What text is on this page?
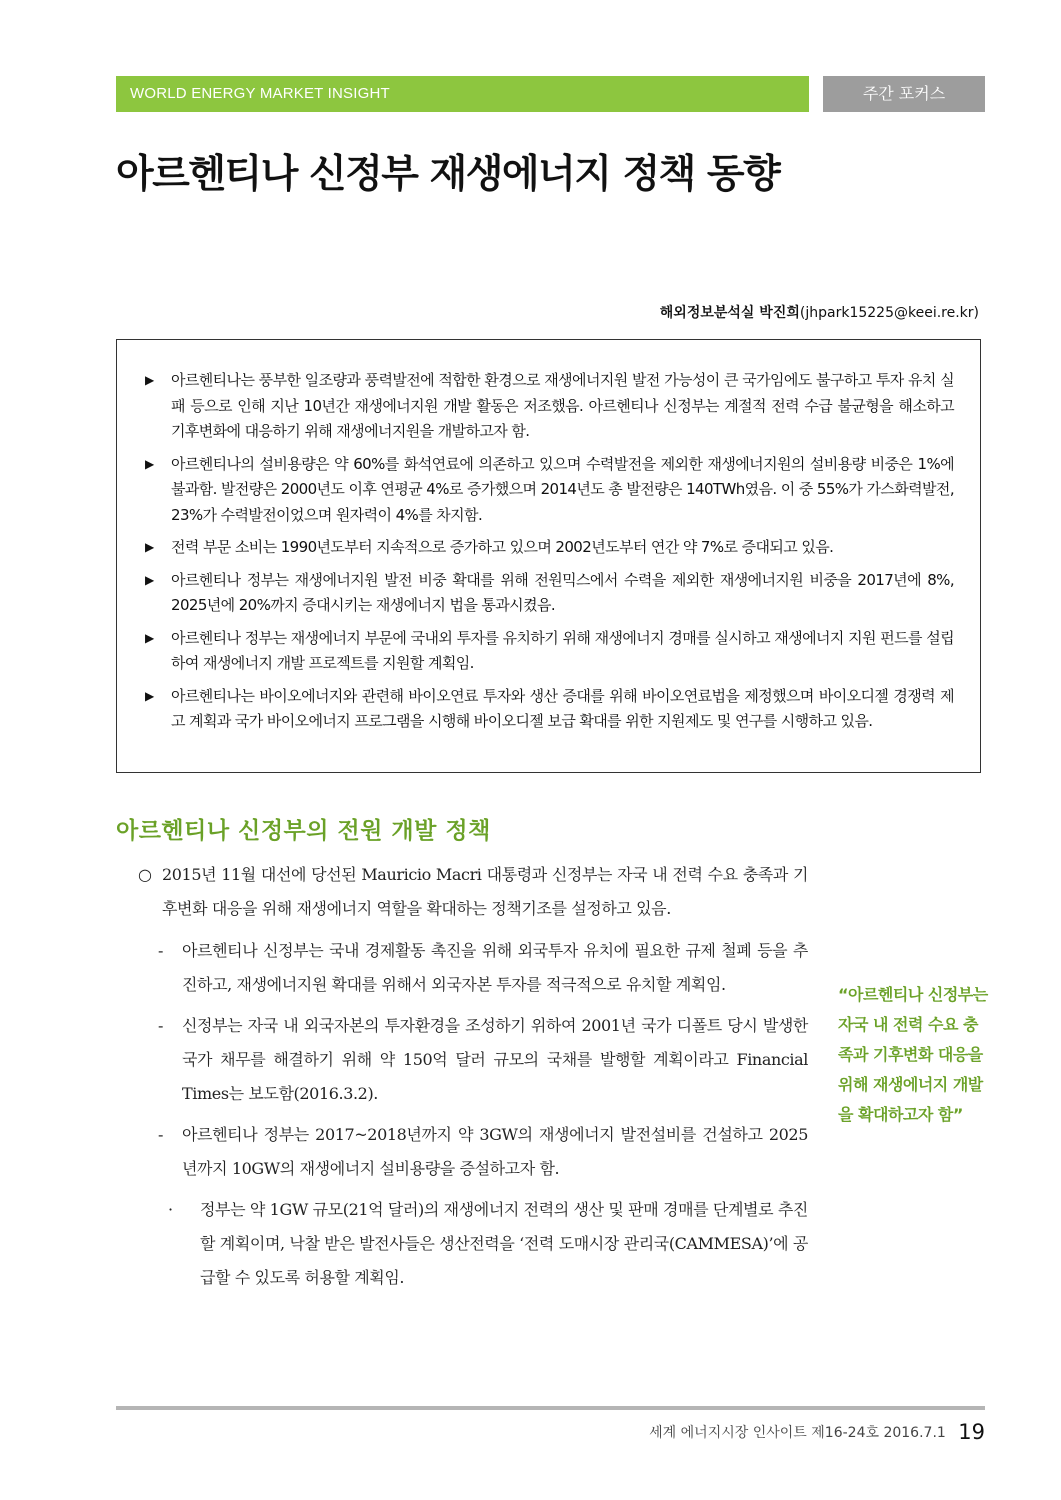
WORLD ENERGY MARKET INSIGHT	주간 포커스
아르헨티나 신정부 재생에너지 정책 동향
해외정보분석실 박진희(jhpark15225@keei.re.kr)
▶ 아르헨티나는 풍부한 일조량과 풍력발전에 적합한 환경으로 재생에너지원 발전 가능성이 큰 국가임에도 불구하고 투자 유치 실패 등으로 인해 지난 10년간 재생에너지원 개발 활동은 저조했음. 아르헨티나 신정부는 계절적 전력 수급 불균형을 해소하고 기후변화에 대응하기 위해 재생에너지원을 개발하고자 함.
▶ 아르헨티나의 설비용량은 약 60%를 화석연료에 의존하고 있으며 수력발전을 제외한 재생에너지원의 설비용량 비중은 1%에 불과함. 발전량은 2000년도 이후 연평균 4%로 증가했으며 2014년도 총 발전량은 140TWh였음. 이 중 55%가 가스화력발전, 23%가 수력발전이었으며 원자력이 4%를 차지함.
▶ 전력 부문 소비는 1990년도부터 지속적으로 증가하고 있으며 2002년도부터 연간 약 7%로 증대되고 있음.
▶ 아르헨티나 정부는 재생에너지원 발전 비중 확대를 위해 전원믹스에서 수력을 제외한 재생에너지원 비중을 2017년에 8%, 2025년에 20%까지 증대시키는 재생에너지 법을 통과시켰음.
▶ 아르헨티나 정부는 재생에너지 부문에 국내외 투자를 유치하기 위해 재생에너지 경매를 실시하고 재생에너지 지원 펀드를 설립하여 재생에너지 개발 프로젝트를 지원할 계획임.
▶ 아르헨티나는 바이오에너지와 관련해 바이오연료 투자와 생산 증대를 위해 바이오연료법을 제정했으며 바이오디젤 경쟁력 제고 계획과 국가 바이오에너지 프로그램을 시행해 바이오디젤 보급 확대를 위한 지원제도 및 연구를 시행하고 있음.
아르헨티나 신정부의 전원 개발 정책

○ 2015년 11월 대선에 당선된 Mauricio Macri 대통령과 신정부는 자국 내 전력 수요 충족과 기후변화 대응을 위해 재생에너지 역할을 확대하는 정책기조를 설정하고 있음.

- 아르헨티나 신정부는 국내 경제활동 촉진을 위해 외국투자 유치에 필요한 규제 철폐 등을 추진하고, 재생에너지원 확대를 위해서 외국자본 투자를 적극적으로 유치할 계획임.

- 신정부는 자국 내 외국자본의 투자환경을 조성하기 위하여 2001년 국가 디폴트 당시 발생한 국가 채무를 해결하기 위해 약 150억 달러 규모의 국채를 발행할 계획이라고 Financial Times는 보도함(2016.3.2).

- 아르헨티나 정부는 2017~2018년까지 약 3GW의 재생에너지 발전설비를 건설하고 2025년까지 10GW의 재생에너지 설비용량을 증설하고자 함.

· 정부는 약 1GW 규모(21억 달러)의 재생에너지 전력의 생산 및 판매 경매를 단계별로 추진할 계획이며, 낙찰 받은 발전사들은 생산전력을 ‘전력 도매시장 관리국(CAMMESA)’에 공급할 수 있도록 허용할 계획임.

“아르헨티나 신정부는 자국 내 전력 수요 충족과 기후변화 대응을 위해 재생에너지 개발을 확대하고자 함”
세계 에너지시장 인사이트 제16-24호 2016.7.1 19
